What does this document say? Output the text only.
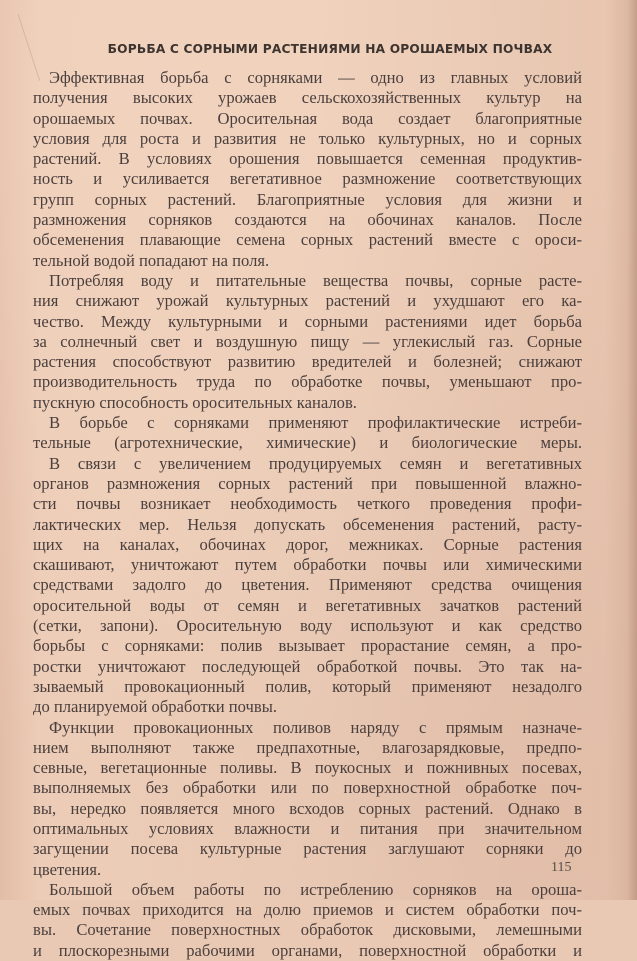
БОРЬБА С СОРНЫМИ РАСТЕНИЯМИ НА ОРОШАЕМЫХ ПОЧВАХ
Эффективная борьба с сорняками — одно из главных условий
получения высоких урожаев сельскохозяйственных культур на
орошаемых почвах. Оросительная вода создает благоприятные
условия для роста и развития не только культурных, но и сорных
растений. В условиях орошения повышается семенная продуктив-
ность и усиливается вегетативное размножение соответствующих
групп сорных растений. Благоприятные условия для жизни и
размножения сорняков создаются на обочинах каналов. После
обсеменения плавающие семена сорных растений вместе с ороси-
тельной водой попадают на поля.
Потребляя воду и питательные вещества почвы, сорные расте-
ния снижают урожай культурных растений и ухудшают его ка-
чество. Между культурными и сорными растениями идет борьба
за солнечный свет и воздушную пищу — углекислый газ. Сорные
растения способствуют развитию вредителей и болезней; снижают
производительность труда по обработке почвы, уменьшают про-
пускную способность оросительных каналов.
В борьбе с сорняками применяют профилактические истреби-
тельные (агротехнические, химические) и биологические меры.
В связи с увеличением продуцируемых семян и вегетативных
органов размножения сорных растений при повышенной влажно-
сти почвы возникает необходимость четкого проведения профи-
лактических мер. Нельзя допускать обсеменения растений, расту-
щих на каналах, обочинах дорог, межниках. Сорные растения
скашивают, уничтожают путем обработки почвы или химическими
средствами задолго до цветения. Применяют средства очищения
оросительной воды от семян и вегетативных зачатков растений
(сетки, запони). Оросительную воду используют и как средство
борьбы с сорняками: полив вызывает прорастание семян, а про-
ростки уничтожают последующей обработкой почвы. Это так на-
зываемый провокационный полив, который применяют незадолго
до планируемой обработки почвы.
Функции провокационных поливов наряду с прямым назначе-
нием выполняют также предпахотные, влагозарядковые, предпо-
севные, вегетационные поливы. В поукосных и пожнивных посевах,
выполняемых без обработки или по поверхностной обработке поч-
вы, нередко появляется много всходов сорных растений. Однако в
оптимальных условиях влажности и питания при значительном
загущении посева культурные растения заглушают сорняки до
цветения.
Большой объем работы по истреблению сорняков на ороша-
емых почвах приходится на долю приемов и систем обработки поч-
вы. Сочетание поверхностных обработок дисковыми, лемешными
и плоскорезными рабочими органами, поверхностной обработки и
115
